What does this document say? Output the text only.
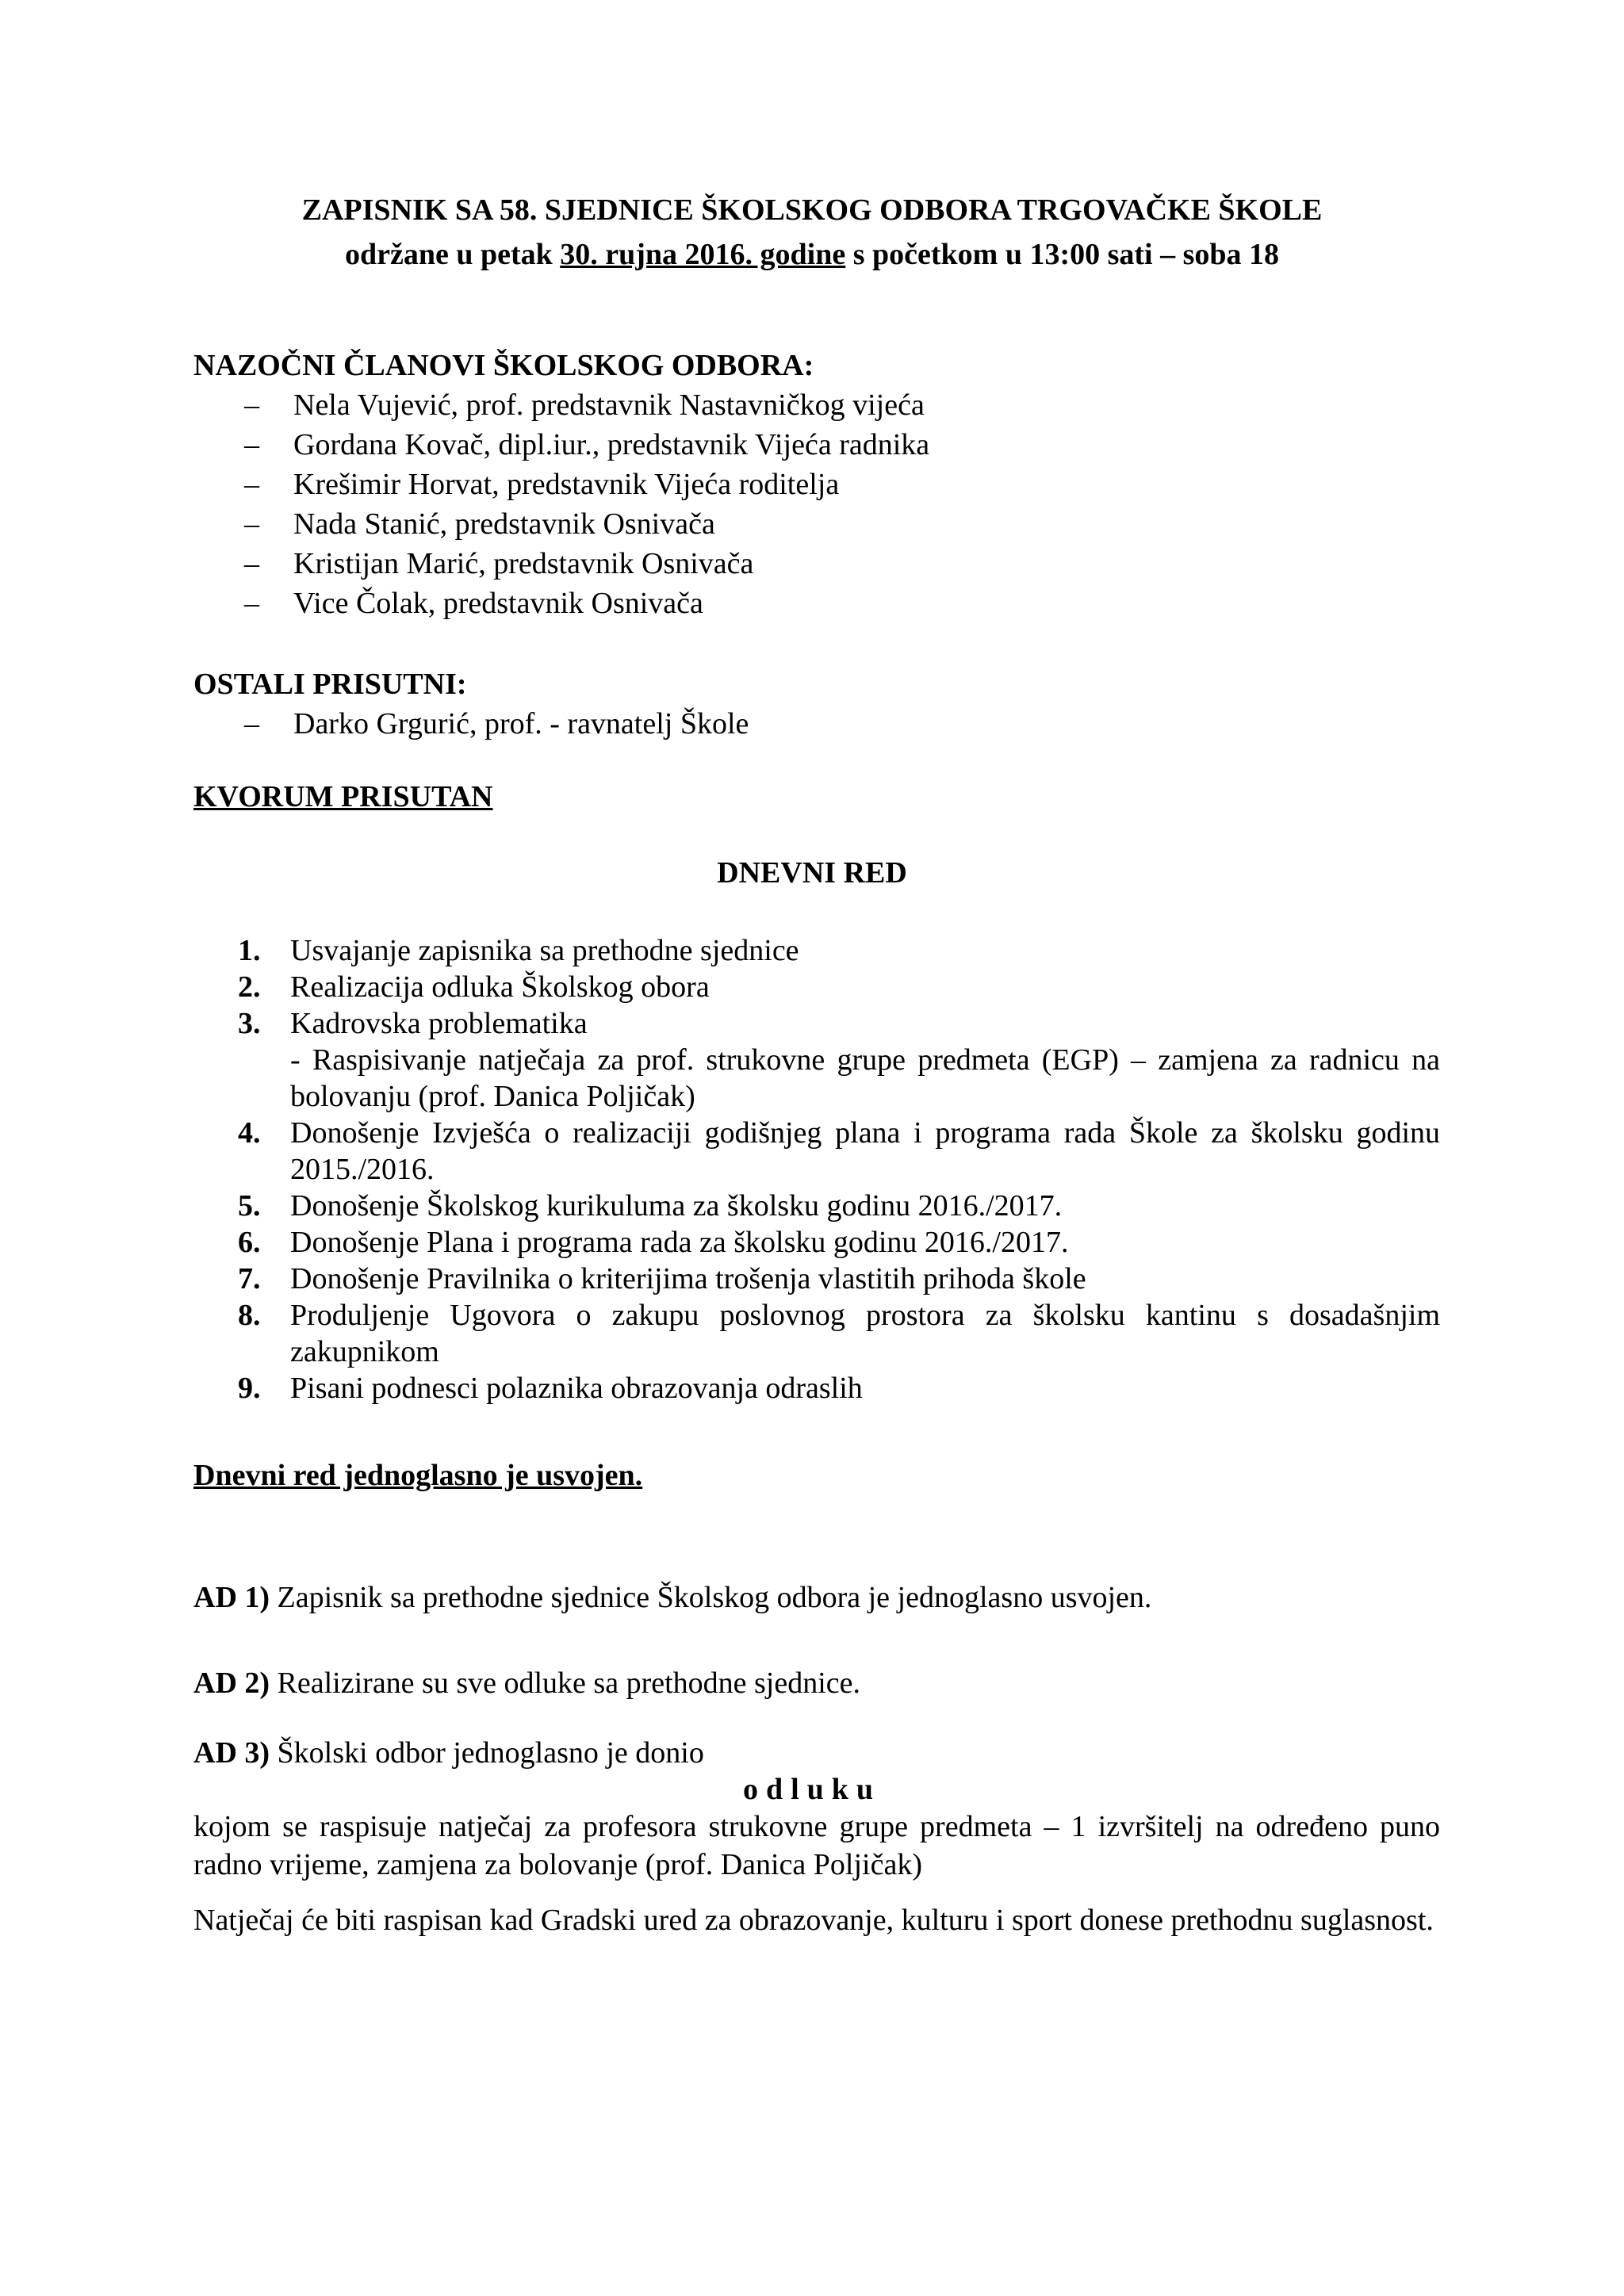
ZAPISNIK SA 58. SJEDNICE ŠKOLSKOG ODBORA TRGOVAČKE ŠKOLE
održane u petak 30. rujna 2016. godine s početkom u 13:00 sati – soba 18
NAZOČNI ČLANOVI ŠKOLSKOG ODBORA:
– Nela Vujević, prof. predstavnik Nastavničkog vijeća
– Gordana Kovač, dipl.iur., predstavnik Vijeća radnika
– Krešimir Horvat, predstavnik Vijeća roditelja
– Nada Stanić, predstavnik Osnivača
– Kristijan Marić, predstavnik Osnivača
– Vice Čolak, predstavnik Osnivača
OSTALI PRISUTNI:
– Darko Grgurić, prof. - ravnatelj Škole
KVORUM PRISUTAN
DNEVNI RED
1. Usvajanje zapisnika sa prethodne sjednice
2. Realizacija odluka Školskog obora
3. Kadrovska problematika
- Raspisivanje natječaja za prof. strukovne grupe predmeta (EGP) – zamjena za radnicu na bolovanju (prof. Danica Poljičak)
4. Donošenje Izvješća o realizaciji godišnjeg plana i programa rada Škole za školsku godinu 2015./2016.
5. Donošenje Školskog kurikuluma za školsku godinu 2016./2017.
6. Donošenje Plana i programa rada za školsku godinu 2016./2017.
7. Donošenje Pravilnika o kriterijima trošenja vlastitih prihoda škole
8. Produljenje Ugovora o zakupu poslovnog prostora za školsku kantinu s dosadašnjim zakupnikom
9. Pisani podnesci polaznika obrazovanja odraslih
Dnevni red jednoglasno je usvojen.
AD 1) Zapisnik sa prethodne sjednice Školskog odbora je jednoglasno usvojen.
AD 2) Realizirane su sve odluke sa prethodne sjednice.
AD 3) Školski odbor jednoglasno je donio
odluku
kojom se raspisuje natječaj za profesora strukovne grupe predmeta – 1 izvršitelj na određeno puno radno vrijeme, zamjena za bolovanje (prof. Danica Poljičak)
Natječaj će biti raspisan kad Gradski ured za obrazovanje, kulturu i sport donese prethodnu suglasnost.
